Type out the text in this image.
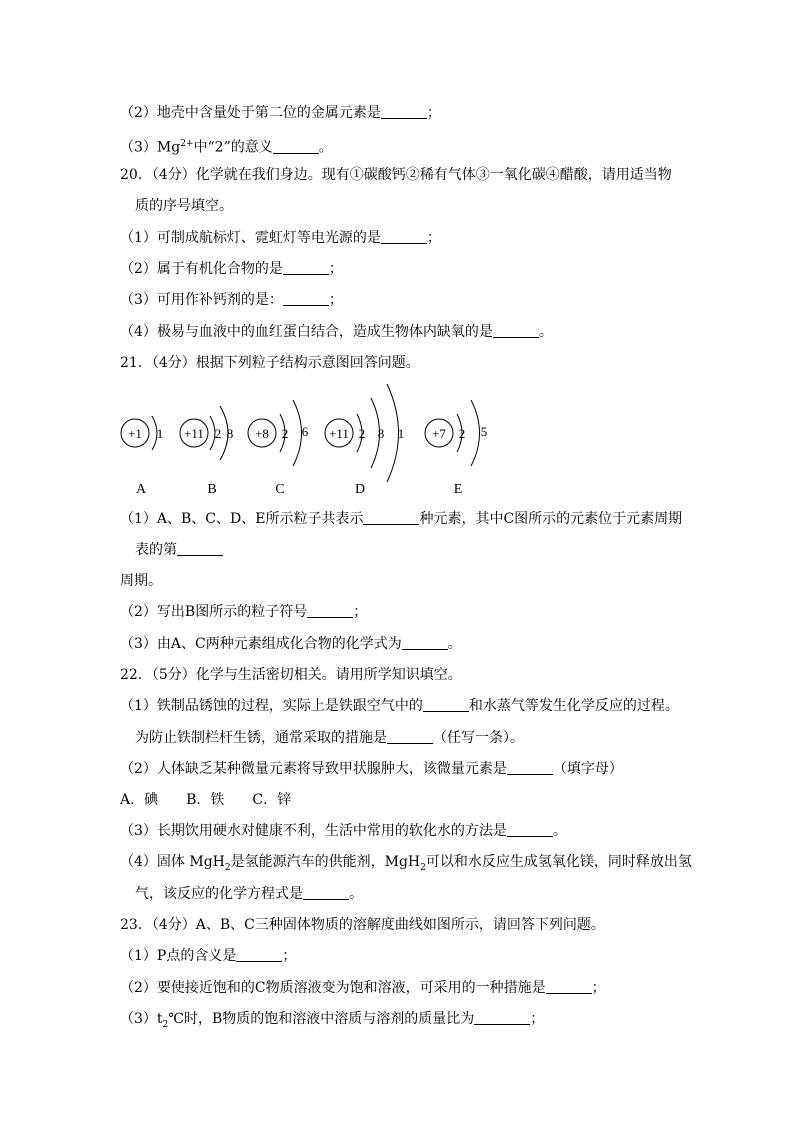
（2）地壳中含量处于第二位的金属元素是	；
$(3)Mg^{2+}$中“2”的意义	。
20．（4分）化学就在我们身边。现有①碳酸钙②稀有气体③一氧化碳④醋酸，请用适当物
质的序号填空。
（1）可制成航标灯、霓虹灯等电光源的是	；
（2）属于有机化合物的是	；
（3）可用作补钙剂的是：	；
（4）极易与血液中的血红蛋白结合，造成生物体内缺氧的是	。
21．（4分）根据下列粒子结构示意图回答问题。
+1 1 +11 2 8 +8 2 6 +11 2 8 1 +7 2 5
A	B	C	D	E
（1）A、B、C、D、E所示粒子共表示	种元素，其中C图所示的元素位于元素周期
表的第
周期。
（2）写出B图所示的粒子符号	；
（3）由A、C两种元素组成化合物的化学式为	。
22．（5分）化学与生活密切相关。请用所学知识填空。
（1）铁制品锈蚀的过程，实际上是铁跟空气中的	和水蒸气等发生化学反应的过程。
为防止铁制栏杆生锈，通常采取的措施是	（任写一条）。
（2）人体缺乏某种微量元素将导致甲状腺肿大，该微量元素是	（填字母）
A．碘　　B．铁　　C．锌
（3）长期饮用硬水对健康不利，生活中常用的软化水的方法是	。
（4）固体 MgH$_2$是氢能源汽车的供能剂，MgH$_2$可以和水反应生成氢氧化镁，同时释放出氢
气，该反应的化学方程式是	。
23．（4分）A、B、C三种固体物质的溶解度曲线如图所示，请回答下列问题。
（1）P点的含义是	；
（2）要使接近饱和的C物质溶液变为饱和溶液，可采用的一种措施是	；
$(3)t_2℃$时，B物质的饱和溶液中溶质与溶剂的质量比为	；
